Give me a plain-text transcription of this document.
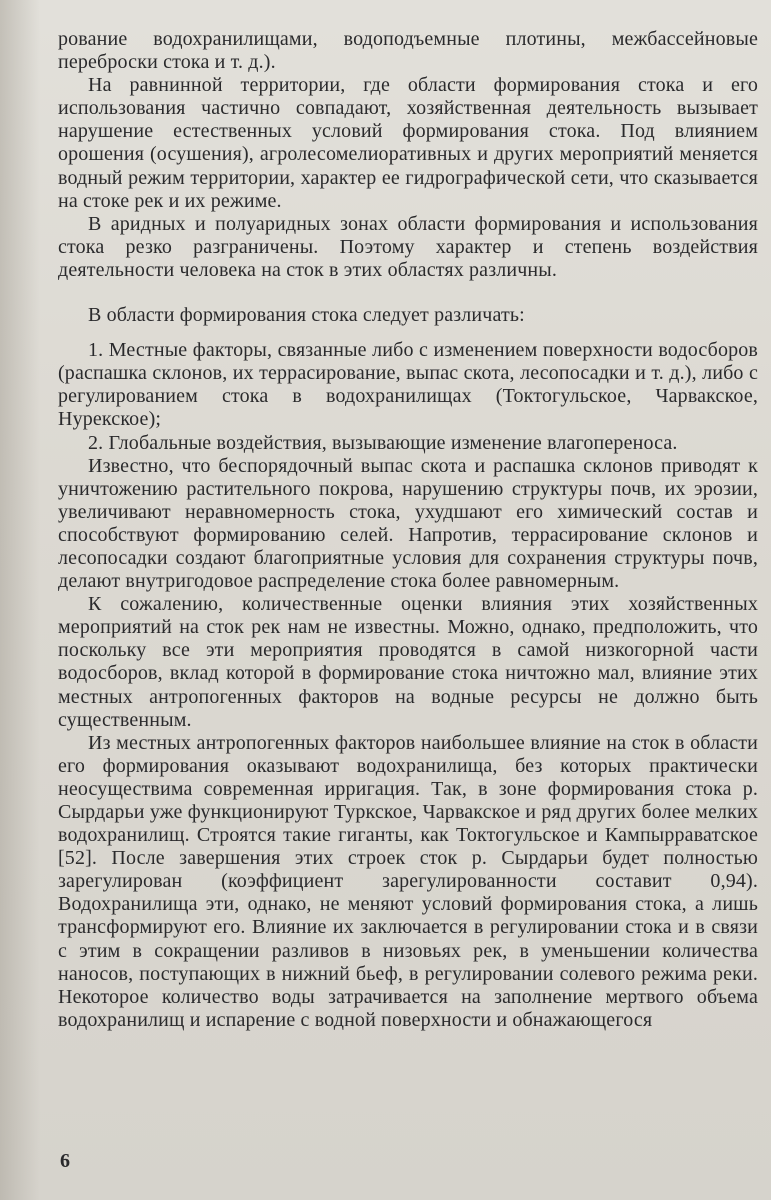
рование водохранилищами, водоподъемные плотины, межбассейновые переброски стока и т. д.).

На равнинной территории, где области формирования стока и его использования частично совпадают, хозяйственная деятельность вызывает нарушение естественных условий формирования стока. Под влиянием орошения (осушения), агролесомелиоративных и других мероприятий меняется водный режим территории, характер ее гидрографической сети, что сказывается на стоке рек и их режиме.

В аридных и полуаридных зонах области формирования и использования стока резко разграничены. Поэтому характер и степень воздействия деятельности человека на сток в этих областях различны.

В области формирования стока следует различать:

1. Местные факторы, связанные либо с изменением поверхности водосборов (распашка склонов, их террасирование, выпас скота, лесопосадки и т. д.), либо с регулированием стока в водохранилищах (Токтогульское, Чарвакское, Нурекское);

2. Глобальные воздействия, вызывающие изменение влагопереноса.

Известно, что беспорядочный выпас скота и распашка склонов приводят к уничтожению растительного покрова, нарушению структуры почв, их эрозии, увеличивают неравномерность стока, ухудшают его химический состав и способствуют формированию селей. Напротив, террасирование склонов и лесопосадки создают благоприятные условия для сохранения структуры почв, делают внутригодовое распределение стока более равномерным.

К сожалению, количественные оценки влияния этих хозяйственных мероприятий на сток рек нам не известны. Можно, однако, предположить, что поскольку все эти мероприятия проводятся в самой низкогорной части водосборов, вклад которой в формирование стока ничтожно мал, влияние этих местных антропогенных факторов на водные ресурсы не должно быть существенным.

Из местных антропогенных факторов наибольшее влияние на сток в области его формирования оказывают водохранилища, без которых практически неосуществима современная ирригация. Так, в зоне формирования стока р. Сырдарьи уже функционируют Туркское, Чарвакское и ряд других более мелких водохранилищ. Строятся такие гиганты, как Токтогульское и Кампырраватское [52]. После завершения этих строек сток р. Сырдарьи будет полностью зарегулирован (коэффициент зарегулированности составит 0,94). Водохранилища эти, однако, не меняют условий формирования стока, а лишь трансформируют его. Влияние их заключается в регулировании стока и в связи с этим в сокращении разливов в низовьях рек, в уменьшении количества наносов, поступающих в нижний бьеф, в регулировании солевого режима реки. Некоторое количество воды затрачивается на заполнение мертвого объема водохранилищ и испарение с водной поверхности и обнажающегося

6
